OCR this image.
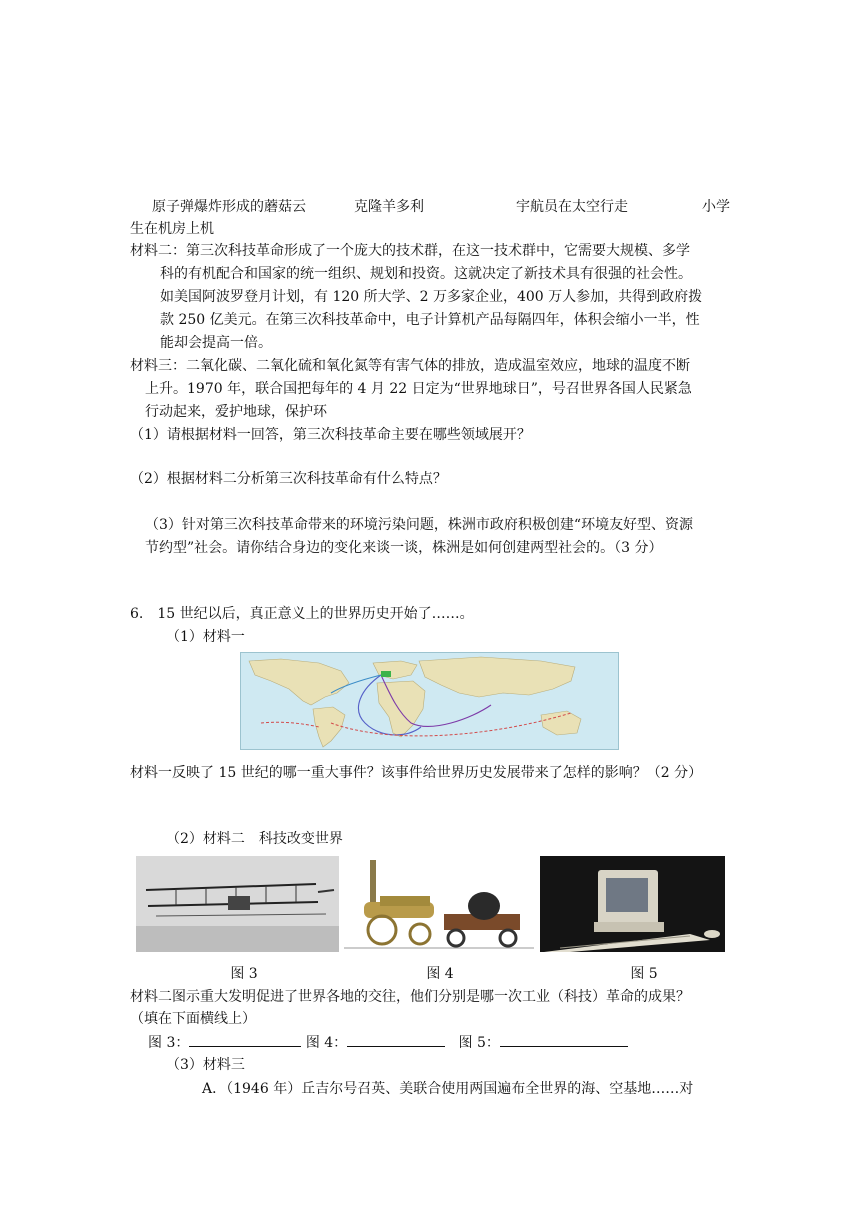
原子弹爆炸形成的蘑菇云	克隆羊多利	宇航员在太空行走	小学
生在机房上机
材料二：第三次科技革命形成了一个庞大的技术群，在这一技术群中，它需要大规模、多学
科的有机配合和国家的统一组织、规划和投资。这就决定了新技术具有很强的社会性。
如美国阿波罗登月计划，有 120 所大学、2 万多家企业，400 万人参加，共得到政府拨
款 250 亿美元。在第三次科技革命中，电子计算机产品每隔四年，体积会缩小一半，性
能却会提高一倍。
材料三：二氧化碳、二氧化硫和氧化氮等有害气体的排放，造成温室效应，地球的温度不断
上升。1970 年，联合国把每年的 4 月 22 日定为“世界地球日”，号召世界各国人民紧急
行动起来，爱护地球，保护环
（1）请根据材料一回答，第三次科技革命主要在哪些领域展开？
（2）根据材料二分析第三次科技革命有什么特点？
（3）针对第三次科技革命带来的环境污染问题，株洲市政府积极创建“环境友好型、资源
节约型”社会。请你结合身边的变化来谈一谈，株洲是如何创建两型社会的。（3 分）
6.　15 世纪以后，真正意义上的世界历史开始了……。
（1）材料一
材料一反映了 15 世纪的哪一重大事件？该事件给世界历史发展带来了怎样的影响？（2 分）
（2）材料二　科技改变世界
图 3	图 4	图 5
材料二图示重大发明促进了世界各地的交往，他们分别是哪一次工业（科技）革命的成果？
（填在下面横线上）
图 3：	图 4：	图 5：
（3）材料三
A．（1946 年）丘吉尔号召英、美联合使用两国遍布全世界的海、空基地……对
